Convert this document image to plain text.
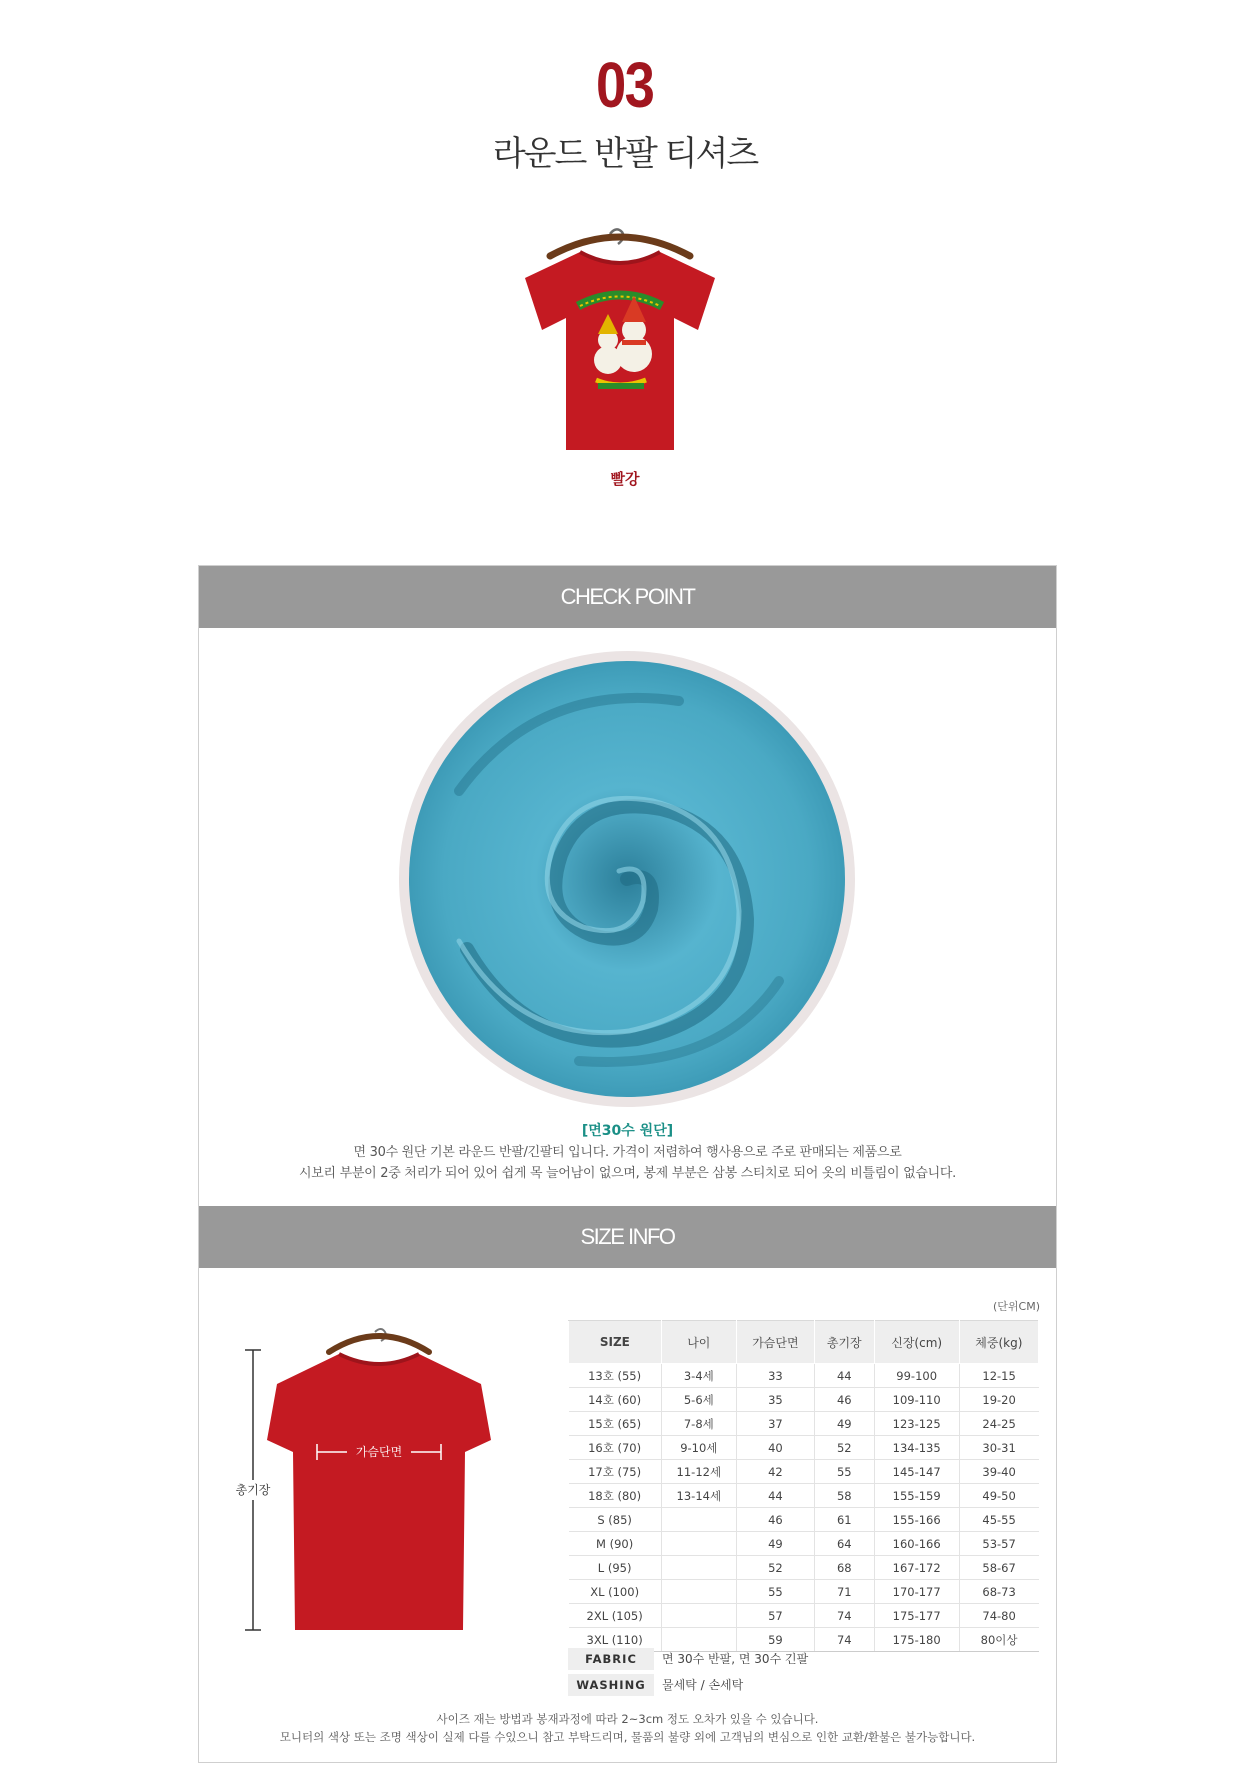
03
라운드 반팔 티셔츠
빨강
CHECK POINT
[면30수 원단]
면 30수 원단 기본 라운드 반팔/긴팔티 입니다. 가격이 저렴하여 행사용으로 주로 판매되는 제품으로
시보리 부분이 2중 처리가 되어 있어 쉽게 목 늘어남이 없으며, 봉제 부분은 삼봉 스티치로 되어 옷의 비틀림이 없습니다.
SIZE INFO
(단위CM)
총기장
가슴단면
SIZE	나이	가슴단면	총기장	신장(cm)	체중(kg)
13호 (55)	3-4세	33	44	99-100	12-15
14호 (60)	5-6세	35	46	109-110	19-20
15호 (65)	7-8세	37	49	123-125	24-25
16호 (70)	9-10세	40	52	134-135	30-31
17호 (75)	11-12세	42	55	145-147	39-40
18호 (80)	13-14세	44	58	155-159	49-50
S (85)		46	61	155-166	45-55
M (90)		49	64	160-166	53-57
L (95)		52	68	167-172	58-67
XL (100)		55	71	170-177	68-73
2XL (105)		57	74	175-177	74-80
3XL (110)		59	74	175-180	80이상
FABRIC	면 30수 반팔, 면 30수 긴팔
WASHING	물세탁 / 손세탁
사이즈 재는 방법과 봉재과정에 따라 2~3cm 정도 오차가 있을 수 있습니다.
모니터의 색상 또는 조명 색상이 실제 다를 수있으니 참고 부탁드리며, 물품의 불량 외에 고객님의 변심으로 인한 교환/환불은 불가능합니다.
